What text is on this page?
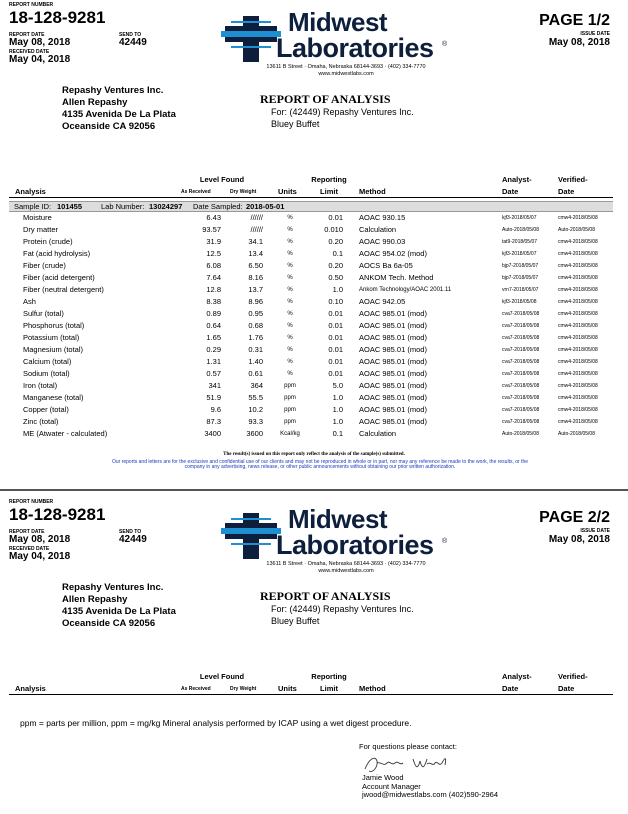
REPORT NUMBER
18-128-9281
REPORT DATE
May 08, 2018
SEND TO
42449
RECEIVED DATE
May 04, 2018
Midwest
Laboratories ®
13611 B Street · Omaha, Nebraska 68144-3693 · (402) 334-7770
www.midwestlabs.com
PAGE 1/2
ISSUE DATE
May 08, 2018
Repashy Ventures Inc.
Allen Repashy
4135 Avenida De La Plata
Oceanside CA 92056
REPORT OF ANALYSIS
For: (42449) Repashy Ventures Inc.
Bluey Buffet
Level Found	Reporting	Analyst-	Verified-
Analysis	As Received	Dry Weight	Units	Limit	Method	Date	Date
Sample ID: 101455	Lab Number: 13024297 Date Sampled: 2018-05-01
Moisture	6.43	//////	%	0.01 AOAC 930.15	kjf3-2018/05/07	cmw4-2018/05/08
Dry matter	93.57	//////	%	0.010 Calculation	Auto-2018/05/08	Auto-2018/05/08
Protein (crude)	31.9	34.1	%	0.20 AOAC 990.03	tat9-2018/05/07	cmw4-2018/05/08
Fat (acid hydrolysis)	12.5	13.4	%	0.1 AOAC 954.02 (mod)	kjf3-2018/05/07	cmw4-2018/05/08
Fiber (crude)	6.08	6.50	%	0.20 AOCS Ba 6a-05	bjp7-2018/05/07	cmw4-2018/05/08
Fiber (acid detergent)	7.64	8.16	%	0.50 ANKOM Tech. Method	bjp7-2018/05/07	cmw4-2018/05/08
Fiber (neutral detergent)	12.8	13.7	%	1.0	Ankom Technology/AOAC 2001.11	vrn7-2018/05/07	cmw4-2018/05/08
Ash	8.38	8.96	%	0.10 AOAC 942.05	kjf3-2018/05/08	cmw4-2018/05/08
Sulfur (total)	0.89	0.95	%	0.01 AOAC 985.01 (mod)	cva7-2018/05/08	cmw4-2018/05/08
Phosphorus (total)	0.64	0.68	%	0.01 AOAC 985.01 (mod)	cva7-2018/05/08	cmw4-2018/05/08
Potassium (total)	1.65	1.76	%	0.01 AOAC 985.01 (mod)	cva7-2018/05/08	cmw4-2018/05/08
Magnesium (total)	0.29	0.31	%	0.01 AOAC 985.01 (mod)	cva7-2018/05/08	cmw4-2018/05/08
Calcium (total)	1.31	1.40	%	0.01 AOAC 985.01 (mod)	cva7-2018/05/08	cmw4-2018/05/08
Sodium (total)	0.57	0.61	%	0.01 AOAC 985.01 (mod)	cva7-2018/05/08	cmw4-2018/05/08
Iron (total)	341	364	ppm	5.0 AOAC 985.01 (mod)	cva7-2018/05/08	cmw4-2018/05/08
Manganese (total)	51.9	55.5	ppm	1.0 AOAC 985.01 (mod)	cva7-2018/05/08	cmw4-2018/05/08
Copper (total)	9.6	10.2	ppm	1.0 AOAC 985.01 (mod)	cva7-2018/05/08	cmw4-2018/05/08
Zinc (total)	87.3	93.3	ppm	1.0 AOAC 985.01 (mod)	cva7-2018/05/08	cmw4-2018/05/08
ME (Atwater - calculated)	3400	3600	Kcal/kg	0.1 Calculation	Auto-2018/05/08	Auto-2018/05/08
The result(s) issued on this report only reflect the analysis of the sample(s) submitted.
Our reports and letters are for the exclusive and confidential use of our clients and may not be reproduced in whole or in part, nor may any reference be made to the work, the results, or the company in any advertising, news release, or other public announcements without obtaining our prior written authorization.
REPORT NUMBER
18-128-9281
REPORT DATE
May 08, 2018
SEND TO
42449
RECEIVED DATE
May 04, 2018
Midwest
Laboratories ®
13611 B Street · Omaha, Nebraska 68144-3693 · (402) 334-7770
www.midwestlabs.com
PAGE 2/2
ISSUE DATE
May 08, 2018
Repashy Ventures Inc.
Allen Repashy
4135 Avenida De La Plata
Oceanside CA 92056
REPORT OF ANALYSIS
For: (42449) Repashy Ventures Inc.
Bluey Buffet
Level Found	Reporting	Analyst-	Verified-
Analysis	As Received	Dry Weight	Units	Limit	Method	Date	Date
ppm = parts per million, ppm = mg/kg Mineral analysis performed by ICAP using a wet digest procedure.
For questions please contact:
Jamie Wood
Account Manager
jwood@midwestlabs.com (402)590-2964
